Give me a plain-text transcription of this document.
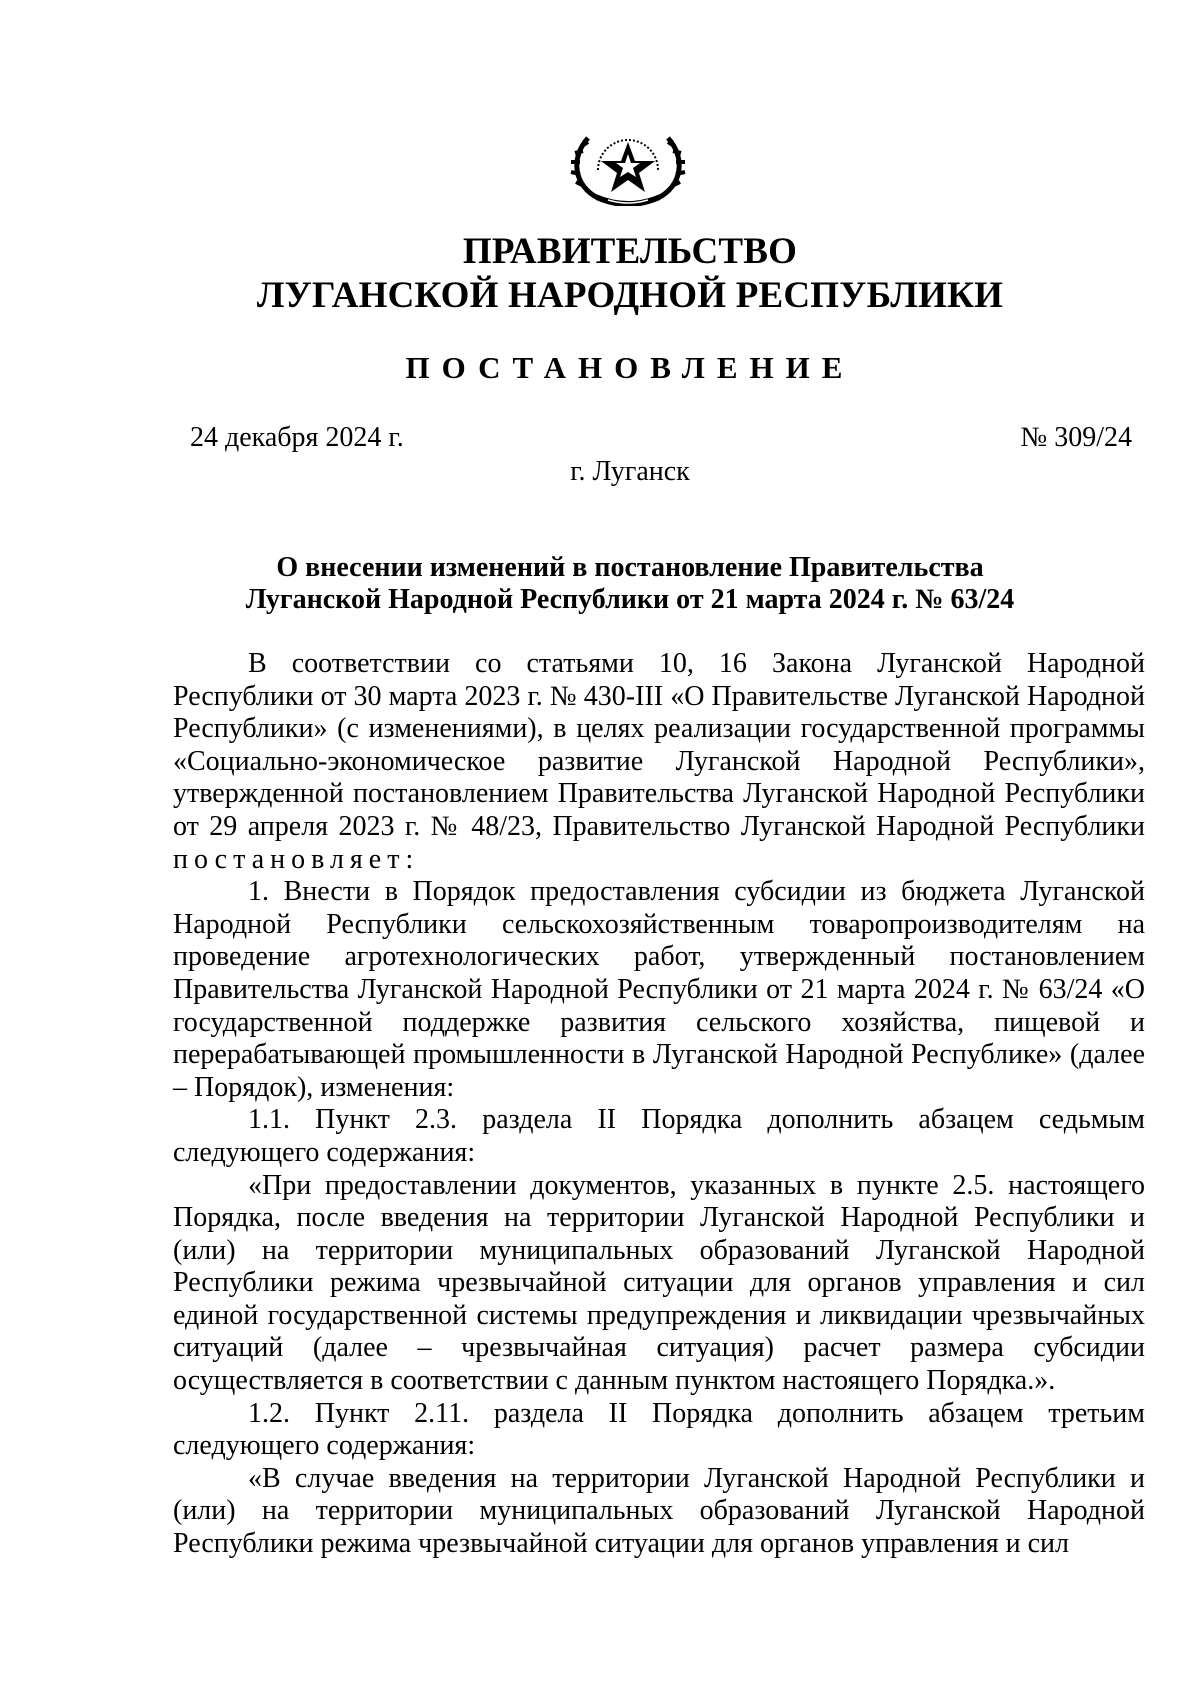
ПРАВИТЕЛЬСТВО
ЛУГАНСКОЙ НАРОДНОЙ РЕСПУБЛИКИ
ПОСТАНОВЛЕНИЕ
24 декабря 2024 г.	№ 309/24
г. Луганск
О внесении изменений в постановление Правительства
Луганской Народной Республики от 21 марта 2024 г. № 63/24

В соответствии со статьями 10, 16 Закона Луганской Народной Республики от 30 марта 2023 г. № 430-III «О Правительстве Луганской Народной Республики» (с изменениями), в целях реализации государственной программы «Социально-экономическое развитие Луганской Народной Республики», утвержденной постановлением Правительства Луганской Народной Республики от 29 апреля 2023 г. № 48/23, Правительство Луганской Народной Республики постановляет:

1. Внести в Порядок предоставления субсидии из бюджета Луганской Народной Республики сельскохозяйственным товаропроизводителям на проведение агротехнологических работ, утвержденный постановлением Правительства Луганской Народной Республики от 21 марта 2024 г. № 63/24 «О государственной поддержке развития сельского хозяйства, пищевой и перерабатывающей промышленности в Луганской Народной Республике» (далее – Порядок), изменения:

1.1. Пункт 2.3. раздела II Порядка дополнить абзацем седьмым следующего содержания:

«При предоставлении документов, указанных в пункте 2.5. настоящего Порядка, после введения на территории Луганской Народной Республики и (или) на территории муниципальных образований Луганской Народной Республики режима чрезвычайной ситуации для органов управления и сил единой государственной системы предупреждения и ликвидации чрезвычайных ситуаций (далее – чрезвычайная ситуация) расчет размера субсидии осуществляется в соответствии с данным пунктом настоящего Порядка.».

1.2. Пункт 2.11. раздела II Порядка дополнить абзацем третьим следующего содержания:

«В случае введения на территории Луганской Народной Республики и (или) на территории муниципальных образований Луганской Народной Республики режима чрезвычайной ситуации для органов управления и сил
